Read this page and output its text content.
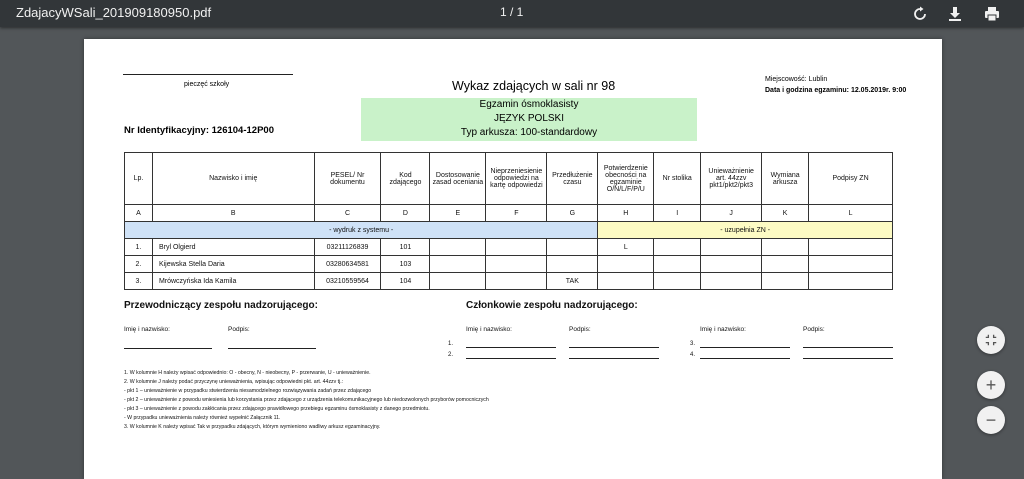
ZdajacyWSali_201909180950.pdf	1 / 1
pieczęć szkoły	Wykaz zdających w sali nr 98
Egzamin ósmoklasisty
JĘZYK POLSKI
Typ arkusza: 100-standardowy
Miejscowość: Lublin
Data i godzina egzaminu: 12.05.2019r. 9:00
Nr Identyfikacyjny: 126104-12P00
Lp.	Nazwisko i imię	PESEL/ Nr dokumentu	Kod zdającego	Dostosowanie zasad oceniania	Nieprzeniesienie odpowiedzi na kartę odpowiedzi	Przedłużenie czasu	Potwierdzenie obecności na egzaminie O/N/L/F/P/U	Nr stolika	Unieważnienie art. 44zzv pkt1/pkt2/pkt3	Wymiana arkusza	Podpisy ZN
A	B	C	D	E	F	G	H	I	J	K	L
- wydruk z systemu -							- uzupełnia ZN -				
1.	Bryl Olgierd	03211126839	101				L				
2.	Kijewska Stella Daria	03280634581	103								
3.	Mrówczyńska Ida Kamila	03210559564	104			TAK					
Przewodniczący zespołu nadzorującego:	Członkowie zespołu nadzorującego:
Imię i nazwisko:	Podpis:	Imię i nazwisko:	Podpis:	Imię i nazwisko:	Podpis:
1.
2.
3.
4.
1. W kolumnie H należy wpisać odpowiednio: O - obecny, N - nieobecny, P - przerwanie, U - unieważnienie.
2. W kolumnie J należy podać przyczynę unieważnienia, wpisując odpowiedni pkt. art. 44zzv tj.:
- pkt 1 – unieważnienie w przypadku stwierdzenia niesamodzielnego rozwiązywania zadań przez zdającego
- pkt 2 – unieważnienie z powodu wniesienia lub korzystania przez zdającego z urządzenia telekomunikacyjnego lub niedozwolonych przyborów pomocniczych
- pkt 3 – unieważnienie z powodu zakłócania przez zdającego prawidłowego przebiegu egzaminu ósmoklasisty z danego przedmiotu.
- W przypadku unieważnienia należy również wypełnić Załącznik 11.
3. W kolumnie K należy wpisać Tak w przypadku zdających, którym wymieniono wadliwy arkusz egzaminacyjny.
+
−
